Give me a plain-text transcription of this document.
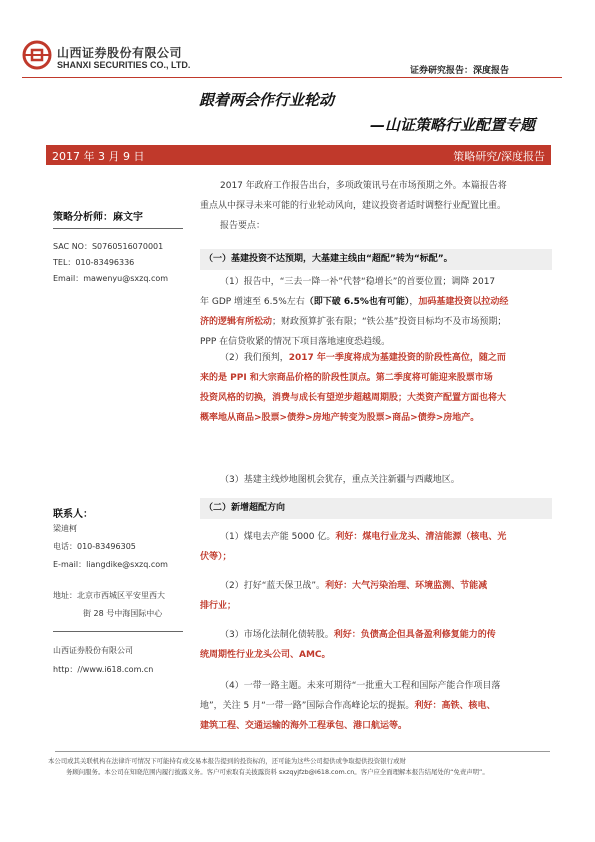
山西证券股份有限公司
SHANXI SECURITIES CO., LTD.
证券研究报告：深度报告
跟着两会作行业轮动
—山证策略行业配置专题
2017 年 3 月 9 日	策略研究/深度报告
策略分析师：麻文宇
SAC NO：S0760516070001
TEL：010-83496336
Email：mawenyu@sxzq.com
联系人：
梁迪柯
电话：010-83496305
E-mail：liangdike@sxzq.com
地址：北京市西城区平安里西大
街 28 号中海国际中心
山西证券股份有限公司
http：//www.i618.com.cn
2017 年政府工作报告出台，多项政策讯号在市场预期之外。本篇报告将
重点从中探寻未来可能的行业轮动风向，建议投资者适时调整行业配置比重。
报告要点：
（一）基建投资不达预期，大基建主线由“超配”转为“标配”。
（1）报告中，“三去一降一补”代替“稳增长”的首要位置；调降 2017
年 GDP 增速至 6.5%左右（即下破 6.5%也有可能），加码基建投资以拉动经
济的逻辑有所松动；财政预算扩张有限；“铁公基”投资目标均不及市场预期；
PPP 在信贷收紧的情况下项目落地速度恐趋缓。
（2）我们预判，2017 年一季度将成为基建投资的阶段性高位，随之而
来的是 PPI 和大宗商品价格的阶段性顶点。第二季度将可能迎来股票市场
投资风格的切换，消费与成长有望逆步超越周期股；大类资产配置方面也将大
概率地从商品>股票>债券>房地产转变为股票>商品>债券>房地产。
（3）基建主线炒地图机会犹存，重点关注新疆与西藏地区。
（二）新增超配方向
（1）煤电去产能 5000 亿。利好：煤电行业龙头、清洁能源（核电、光
伏等）；
（2）打好“蓝天保卫战”。利好：大气污染治理、环境监测、节能减
排行业；
（3）市场化法制化债转股。利好：负债高企但具备盈利修复能力的传
统周期性行业龙头公司、AMC。
（4）一带一路主题。未来可期待“一批重大工程和国际产能合作项目落
地”，关注 5 月“一带一路”国际合作高峰论坛的提振。利好：高铁、核电、
建筑工程、交通运输的海外工程承包、港口航运等。
本公司或其关联机构在法律许可情况下可能持有或交易本报告提到的投资标的，还可能为这些公司提供或争取提供投资银行或财
务顾问服务。本公司在知晓范围内履行披露义务。客户可索取有关披露资料 sxzqyjfzb@i618.com.cn。客户应全面理解本报告结尾处的“免责声明”。
